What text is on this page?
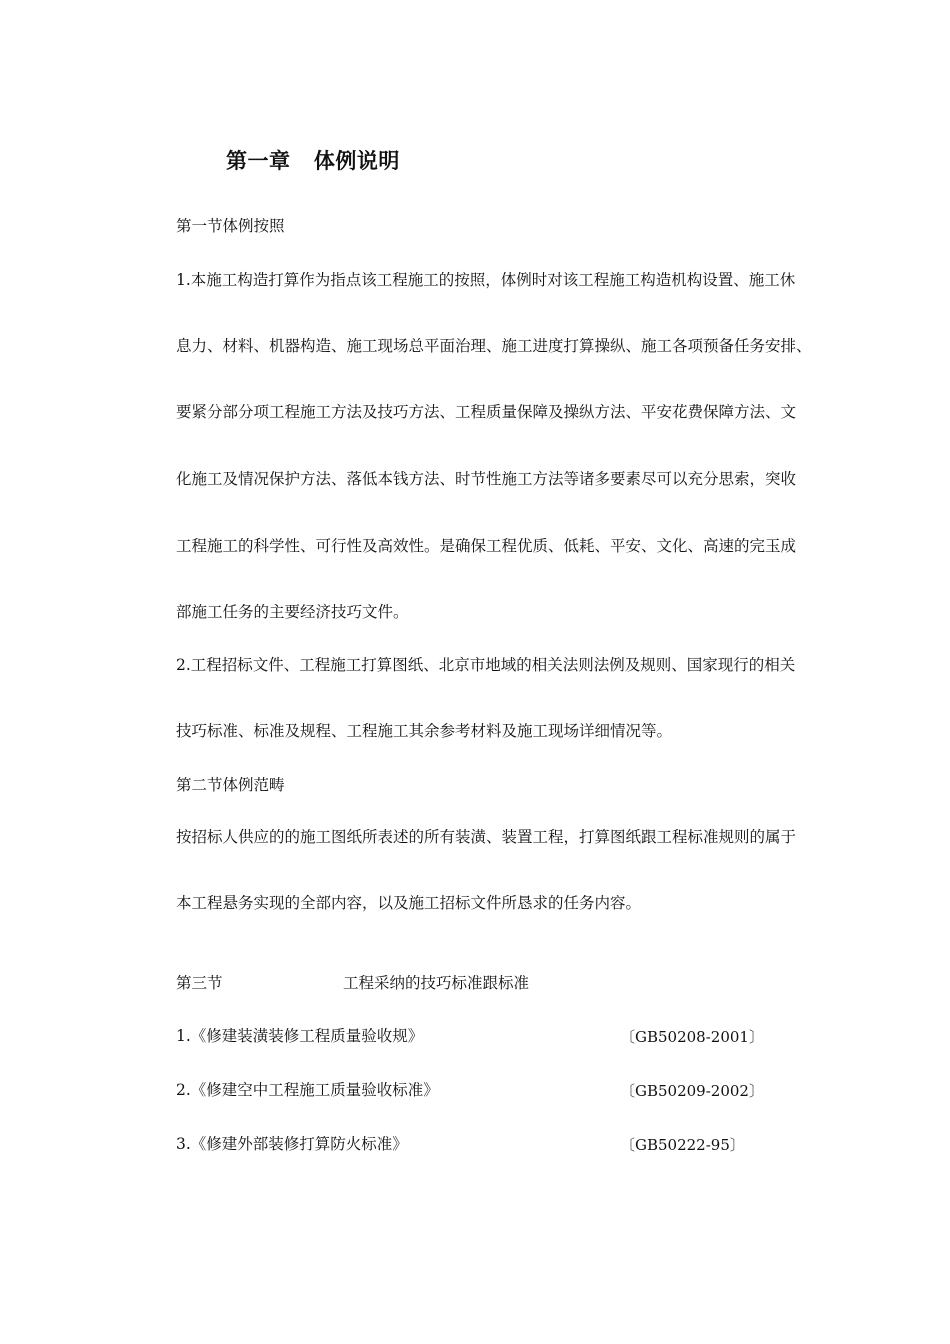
第一章   体例说明
第一节体例按照
1.本施工构造打算作为指点该工程施工的按照，体例时对该工程施工构造机构设置、施工休
息力、材料、机器构造、施工现场总平面治理、施工进度打算操纵、施工各项预备任务安排、
要紧分部分项工程施工方法及技巧方法、工程质量保障及操纵方法、平安花费保障方法、文
化施工及情况保护方法、落低本钱方法、时节性施工方法等诸多要素尽可以充分思索，突收
工程施工的科学性、可行性及高效性。是确保工程优质、低耗、平安、文化、高速的完玉成
部施工任务的主要经济技巧文件。
2.工程招标文件、工程施工打算图纸、北京市地域的相关法则法例及规则、国家现行的相关
技巧标准、标准及规程、工程施工其余参考材料及施工现场详细情况等。
第二节体例范畴
按招标人供应的的施工图纸所表述的所有装潢、装置工程，打算图纸跟工程标准规则的属于
本工程悬务实现的全部内容，以及施工招标文件所恳求的任务内容。
第三节	工程采纳的技巧标准跟标准
1.《修建装潢装修工程质量验收规》	〔GB50208-2001〕
2.《修建空中工程施工质量验收标准》	〔GB50209-2002〕
3.《修建外部装修打算防火标准》	〔GB50222-95〕
